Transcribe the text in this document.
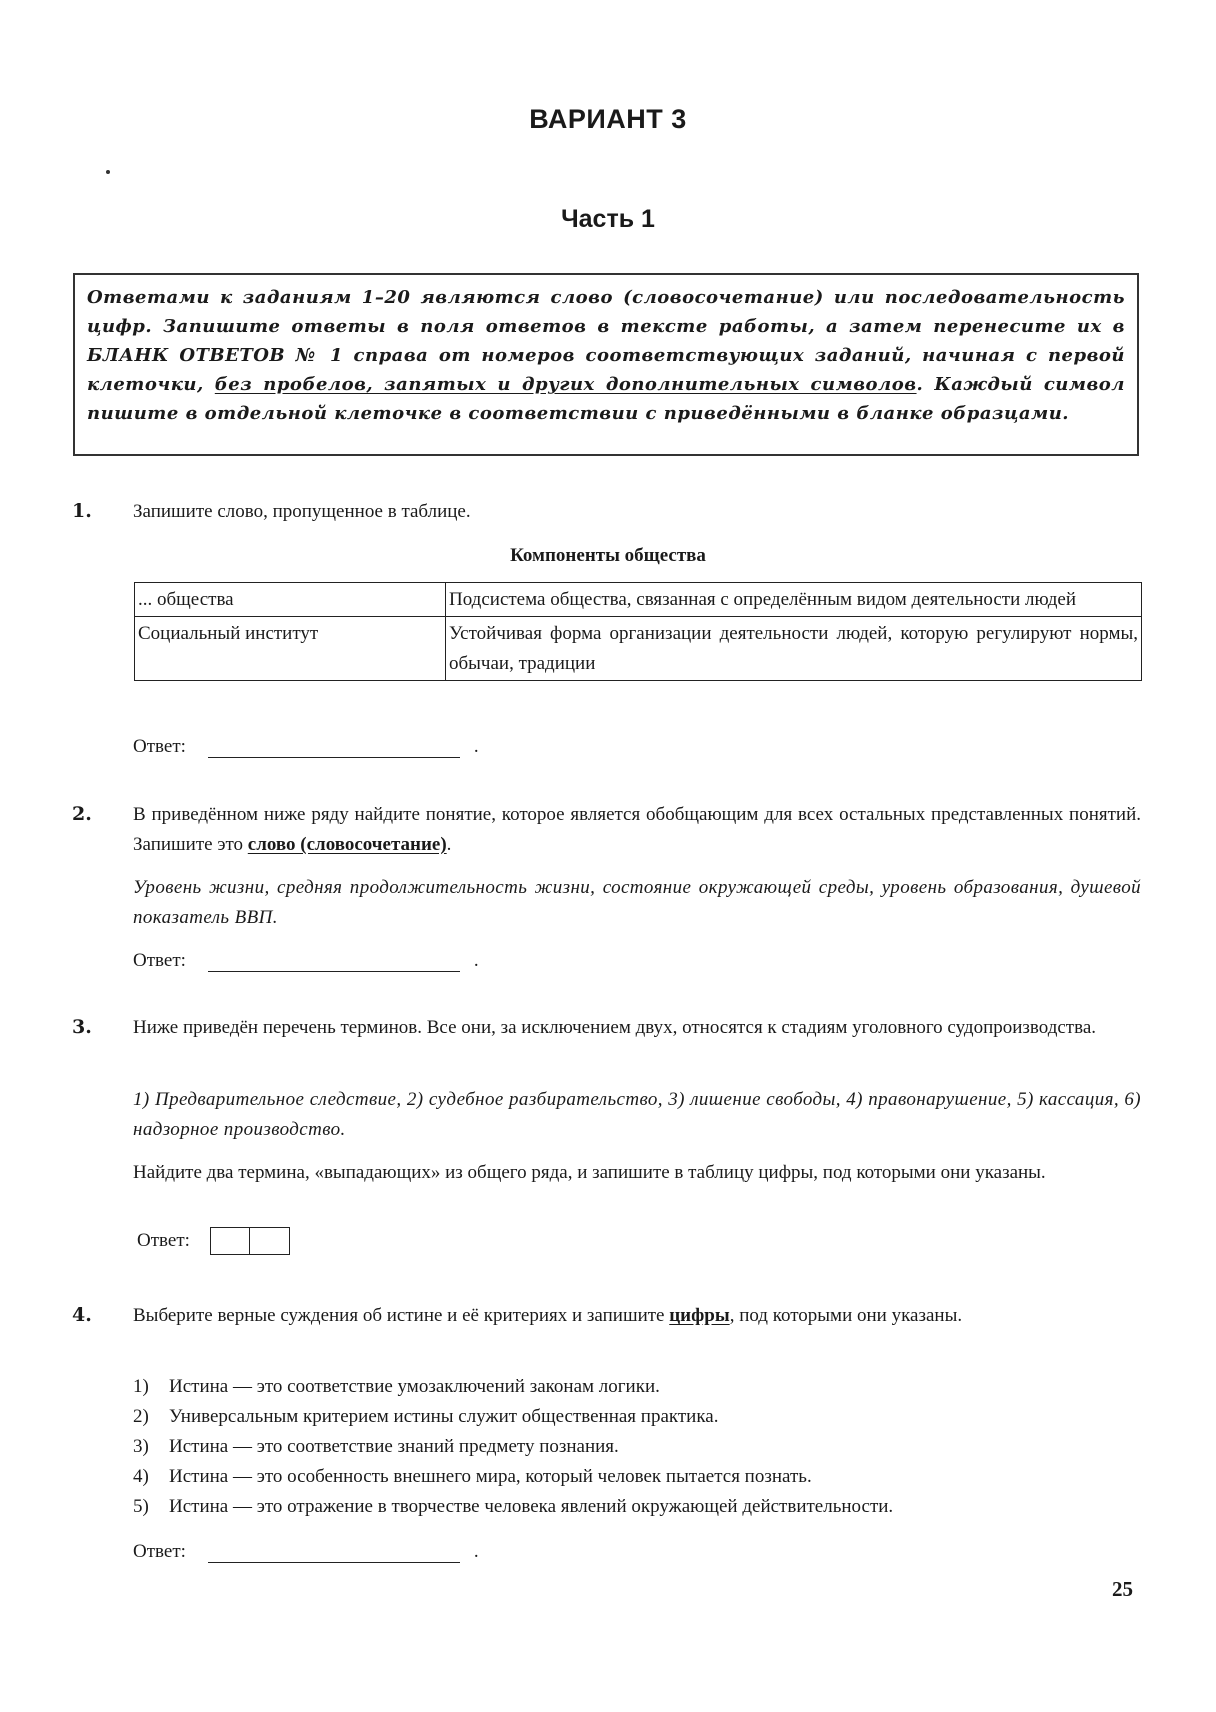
ВАРИАНТ 3
Часть 1
Ответами к заданиям 1–20 являются слово (словосочетание) или последовательность цифр. Запишите ответы в поля ответов в тексте работы, а затем перенесите их в БЛАНК ОТВЕТОВ № 1 справа от номеров соответствующих заданий, начиная с первой клеточки, без пробелов, запятых и других дополнительных символов. Каждый символ пишите в отдельной клеточке в соответствии с приведёнными в бланке образцами.
1. Запишите слово, пропущенное в таблице.
Компоненты общества
... общества	Подсистема общества, связанная с определённым видом деятельности людей
Социальный институт	Устойчивая форма организации деятельности людей, которую регулируют нормы, обычаи, традиции
Ответ:	.
2. В приведённом ниже ряду найдите понятие, которое является обобщающим для всех остальных представленных понятий. Запишите это слово (словосочетание).
Уровень жизни, средняя продолжительность жизни, состояние окружающей среды, уровень образования, душевой показатель ВВП.
Ответ:	.
3. Ниже приведён перечень терминов. Все они, за исключением двух, относятся к стадиям уголовного судопроизводства.
1) Предварительное следствие, 2) судебное разбирательство, 3) лишение свободы, 4) правонарушение, 5) кассация, 6) надзорное производство.
Найдите два термина, «выпадающих» из общего ряда, и запишите в таблицу цифры, под которыми они указаны.
Ответ:
4. Выберите верные суждения об истине и её критериях и запишите цифры, под которыми они указаны.
1) Истина — это соответствие умозаключений законам логики.
2) Универсальным критерием истины служит общественная практика.
3) Истина — это соответствие знаний предмету познания.
4) Истина — это особенность внешнего мира, который человек пытается познать.
5) Истина — это отражение в творчестве человека явлений окружающей действительности.
Ответ:	.
25
